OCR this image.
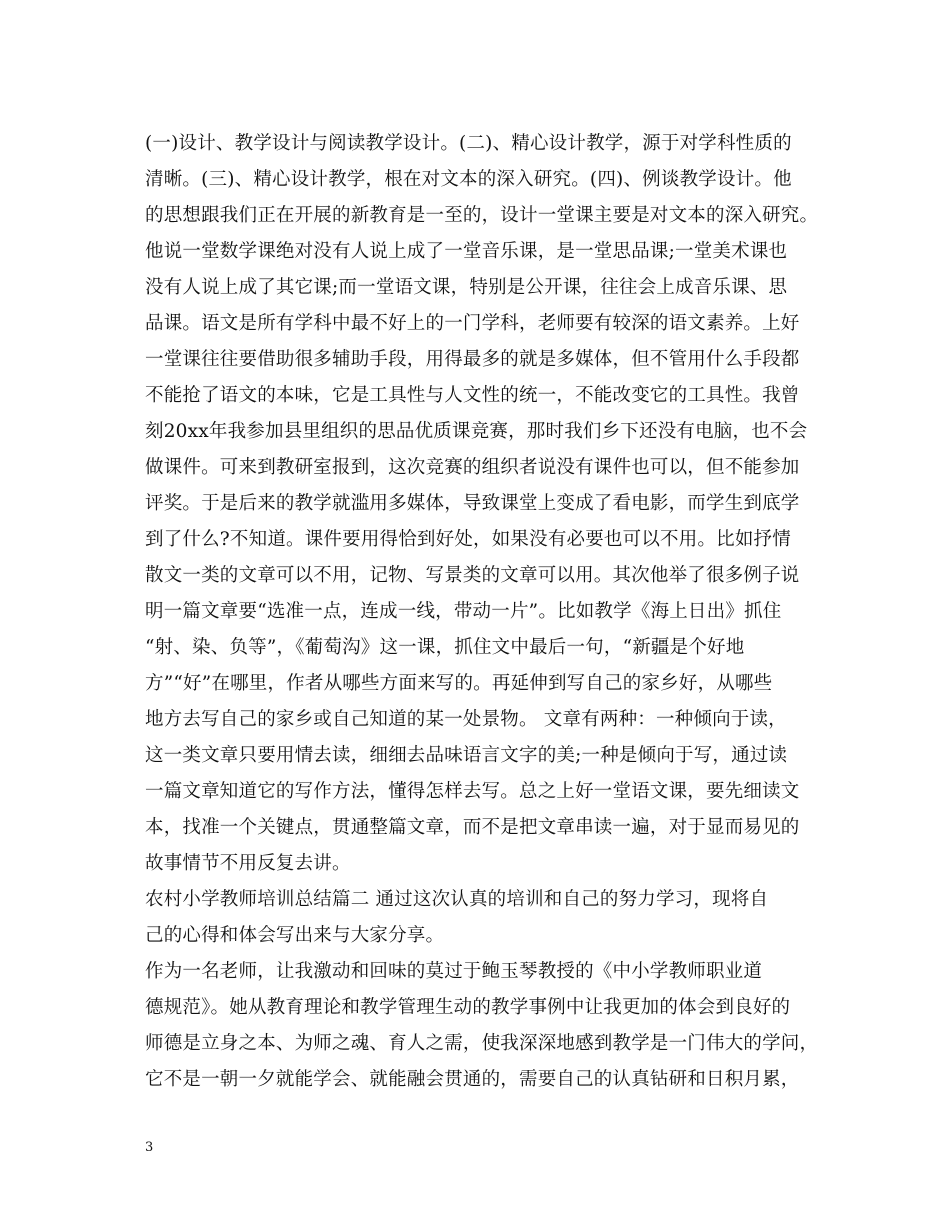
(一)设计、教学设计与阅读教学设计。(二)、精心设计教学，源于对学科性质的
清晰。(三)、精心设计教学，根在对文本的深入研究。(四)、例谈教学设计。他
的思想跟我们正在开展的新教育是一至的，设计一堂课主要是对文本的深入研究。
他说一堂数学课绝对没有人说上成了一堂音乐课，是一堂思品课;一堂美术课也
没有人说上成了其它课;而一堂语文课，特别是公开课，往往会上成音乐课、思
品课。语文是所有学科中最不好上的一门学科，老师要有较深的语文素养。上好
一堂课往往要借助很多辅助手段，用得最多的就是多媒体，但不管用什么手段都
不能抢了语文的本味，它是工具性与人文性的统一，不能改变它的工具性。我曾
刻20xx年我参加县里组织的思品优质课竞赛，那时我们乡下还没有电脑，也不会
做课件。可来到教研室报到，这次竞赛的组织者说没有课件也可以，但不能参加
评奖。于是后来的教学就滥用多媒体，导致课堂上变成了看电影，而学生到底学
到了什么?不知道。课件要用得恰到好处，如果没有必要也可以不用。比如抒情
散文一类的文章可以不用，记物、写景类的文章可以用。其次他举了很多例子说
明一篇文章要“选准一点，连成一线，带动一片”。比如教学《海上日出》抓住
“射、染、负等”，《葡萄沟》这一课，抓住文中最后一句，“新疆是个好地
方”“好”在哪里，作者从哪些方面来写的。再延伸到写自己的家乡好，从哪些
地方去写自己的家乡或自己知道的某一处景物。 文章有两种：一种倾向于读，
这一类文章只要用情去读，细细去品味语言文字的美;一种是倾向于写，通过读
一篇文章知道它的写作方法，懂得怎样去写。总之上好一堂语文课，要先细读文
本，找准一个关键点，贯通整篇文章，而不是把文章串读一遍，对于显而易见的
故事情节不用反复去讲。
农村小学教师培训总结篇二 通过这次认真的培训和自己的努力学习，现将自
己的心得和体会写出来与大家分享。
作为一名老师，让我激动和回味的莫过于鲍玉琴教授的《中小学教师职业道
德规范》。她从教育理论和教学管理生动的教学事例中让我更加的体会到良好的
师德是立身之本、为师之魂、育人之需，使我深深地感到教学是一门伟大的学问，
它不是一朝一夕就能学会、就能融会贯通的，需要自己的认真钻研和日积月累，
3
